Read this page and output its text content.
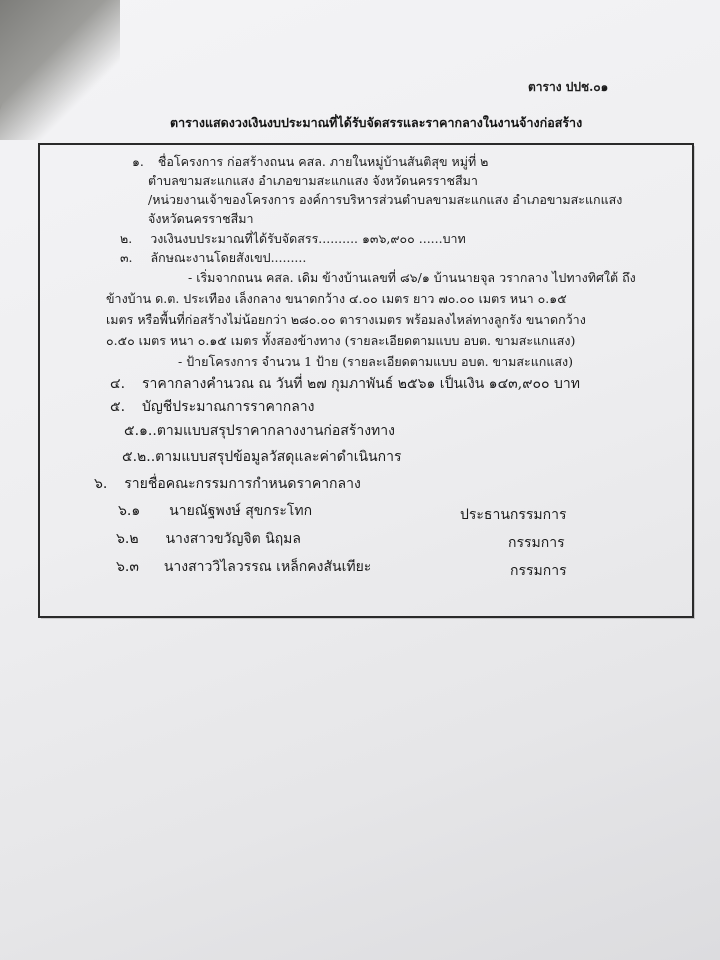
ตาราง ปปช.๐๑
ตารางแสดงวงเงินงบประมาณที่ได้รับจัดสรรและราคากลางในงานจ้างก่อสร้าง
๑. ชื่อโครงการ ก่อสร้างถนน คสล. ภายในหมู่บ้านสันติสุข หมู่ที่ ๒
ตำบลขามสะแกแสง อำเภอขามสะแกแสง จังหวัดนครราชสีมา
/หน่วยงานเจ้าของโครงการ องค์การบริหารส่วนตำบลขามสะแกแสง อำเภอขามสะแกแสง
จังหวัดนครราชสีมา
๒. วงเงินงบประมาณที่ได้รับจัดสรร.......... ๑๓๖,๙๐๐ ......บาท
๓. ลักษณะงานโดยสังเขป.........
- เริ่มจากถนน คสล. เดิม ข้างบ้านเลขที่ ๘๖/๑ บ้านนายจุล วรากลาง ไปทางทิศใต้ ถึง
ข้างบ้าน ด.ต. ประเทือง เล็งกลาง ขนาดกว้าง ๔.๐๐ เมตร ยาว ๗๐.๐๐ เมตร หนา ๐.๑๕
เมตร หรือพื้นที่ก่อสร้างไม่น้อยกว่า ๒๘๐.๐๐ ตารางเมตร พร้อมลงไหล่ทางลูกรัง ขนาดกว้าง
๐.๕๐ เมตร หนา ๐.๑๕ เมตร ทั้งสองข้างทาง (รายละเอียดตามแบบ อบต. ขามสะแกแสง)
- ป้ายโครงการ จำนวน 1 ป้าย (รายละเอียดตามแบบ อบต. ขามสะแกแสง)
๔. ราคากลางคำนวณ ณ วันที่ ๒๗ กุมภาพันธ์ ๒๕๖๑ เป็นเงิน ๑๔๓,๙๐๐ บาท
๕. บัญชีประมาณการราคากลาง
๕.๑..ตามแบบสรุปราคากลางงานก่อสร้างทาง
๕.๒..ตามแบบสรุปข้อมูลวัสดุและค่าดำเนินการ
๖. รายชื่อคณะกรรมการกำหนดราคากลาง
๖.๑ นายณัฐพงษ์ สุขกระโทก	ประธานกรรมการ
๖.๒ นางสาวขวัญจิต นิฤมล	กรรมการ
๖.๓ นางสาววิไลวรรณ เหล็กคงสันเทียะ	กรรมการ
